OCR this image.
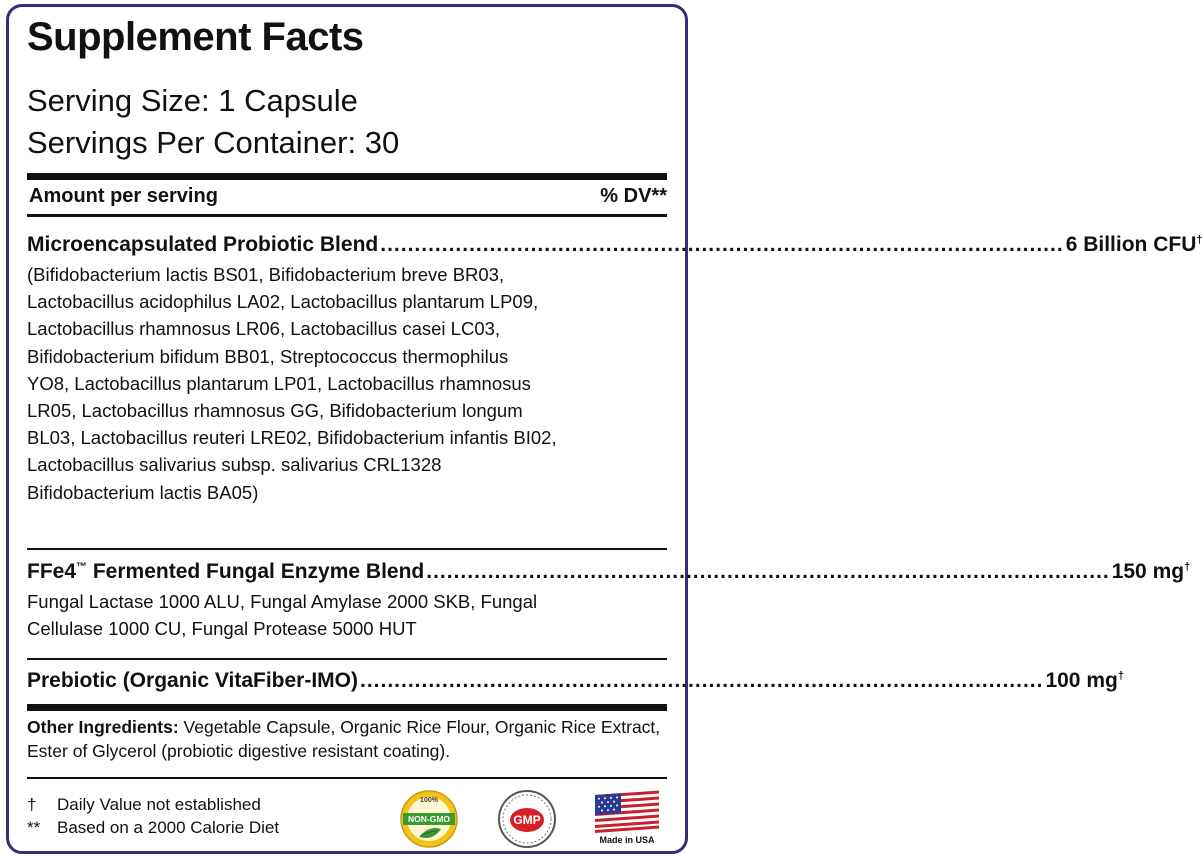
Supplement Facts
Serving Size: 1 Capsule
Servings Per Container: 30
Amount per serving	% DV**
Microencapsulated Probiotic Blend .................................................................................................... 6 Billion CFU†
(Bifidobacterium lactis BS01, Bifidobacterium breve BR03,
Lactobacillus acidophilus LA02, Lactobacillus plantarum LP09,
Lactobacillus rhamnosus LR06, Lactobacillus casei LC03,
Bifidobacterium bifidum BB01, Streptococcus thermophilus
YO8, Lactobacillus plantarum LP01, Lactobacillus rhamnosus
LR05, Lactobacillus rhamnosus GG, Bifidobacterium longum
BL03, Lactobacillus reuteri LRE02, Bifidobacterium infantis BI02,
Lactobacillus salivarius subsp. salivarius CRL1328
Bifidobacterium lactis BA05)
FFe4™ Fermented Fungal Enzyme Blend .................................................................................................... 150 mg†
Fungal Lactase 1000 ALU, Fungal Amylase 2000 SKB, Fungal
Cellulase 1000 CU, Fungal Protease 5000 HUT
Prebiotic (Organic VitaFiber-IMO) .................................................................................................... 100 mg†
Other Ingredients: Vegetable Capsule, Organic Rice Flour, Organic Rice Extract, Ester of Glycerol (probiotic digestive resistant coating).
† Daily Value not established
** Based on a 2000 Calorie Diet
100%
NON-GMO	GMP
Made in USA
